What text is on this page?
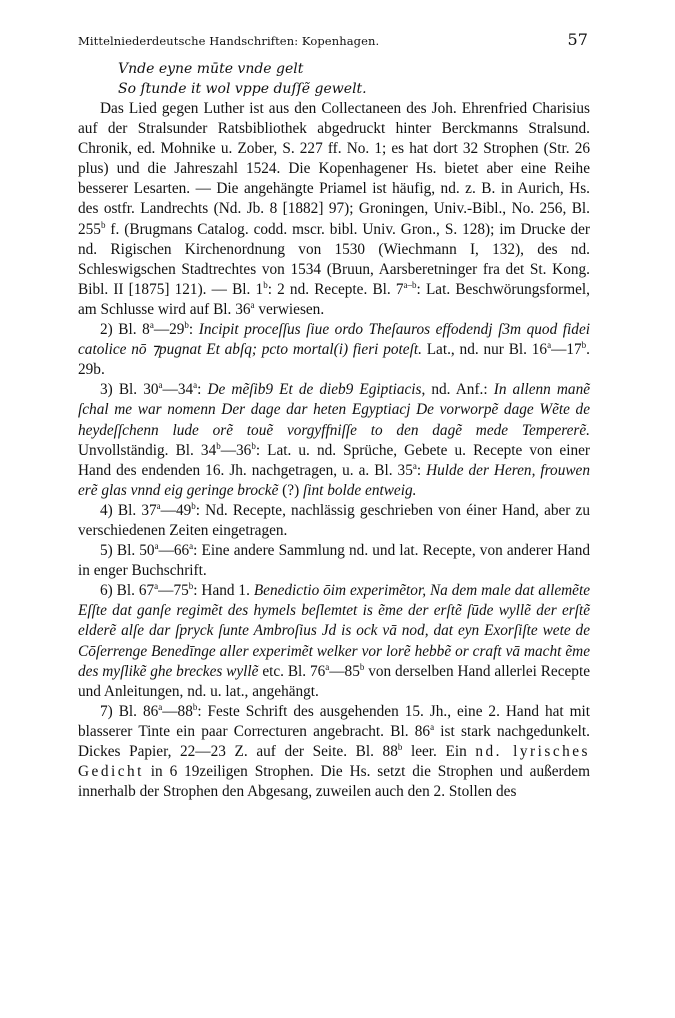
Mittelniederdeutsche Handschriften: Kopenhagen.	57
Vnde eyne mūte vnde gelt
So ſtunde it wol vppe duſſẽ gewelt.

Das Lied gegen Luther ist aus den Collectaneen des Joh. Ehrenfried Charisius auf der Stralsunder Ratsbibliothek abgedruckt hinter Berckmanns Stralsund. Chronik, ed. Mohnike u. Zober, S. 227 ff. No. 1; es hat dort 32 Strophen (Str. 26 plus) und die Jahreszahl 1524. Die Kopenhagener Hs. bietet aber eine Reihe besserer Lesarten. — Die angehängte Priamel ist häufig, nd. z. B. in Aurich, Hs. des ostfr. Landrechts (Nd. Jb. 8 [1882] 97); Groningen, Univ.-Bibl., No. 256, Bl. 255$^b$ f. (Brugmans Catalog. codd. mscr. bibl. Univ. Gron., S. 128); im Drucke der nd. Rigischen Kirchenordnung von 1530 (Wiechmann I, 132), des nd. Schleswigschen Stadtrechtes von 1534 (Bruun, Aarsberetninger fra det St. Kong. Bibl. II [1875] 121). — Bl. 1$^b$: 2 nd. Recepte. Bl. 7$^{a-b}$: Lat. Beschwörungsformel, am Schlusse wird auf Bl. 36$^a$ verwiesen.

2) Bl. 8$^a$—29$^b$: Incipit proceſſus ſiue ordo Theſauros effodendj ſ3m quod fidei catolice nō ⁊pugnat Et abſq; pcto mortal(i) fieri poteſt. Lat., nd. nur Bl. 16$^a$—17$^b$. 29b.

3) Bl. 30$^a$—34$^a$: De mẽſib9 Et de dieb9 Egiptiacis, nd. Anf.: In allenn manẽ ſchal me war nomenn Der dage dar heten Egyptiacj De vorworpẽ dage Wẽte de heydeſſchenn lude orẽ touẽ vorgyffniſſe to den dagẽ mede Tempererẽ. Unvollständig. Bl. 34$^b$—36$^b$: Lat. u. nd. Sprüche, Gebete u. Recepte von einer Hand des endenden 16. Jh. nachgetragen, u. a. Bl. 35$^a$: Hulde der Heren, frouwen erẽ glas vnnd eig geringe brockẽ (?) ſint bolde entweig.

4) Bl. 37$^a$—49$^b$: Nd. Recepte, nachlässig geschrieben von éiner Hand, aber zu verschiedenen Zeiten eingetragen.

5) Bl. 50$^a$—66$^a$: Eine andere Sammlung nd. und lat. Recepte, von anderer Hand in enger Buchschrift.

6) Bl. 67$^a$—75$^b$: Hand 1. Benedictio ōim experimẽtor, Na dem male dat allemẽte Eſſte dat ganſe regimẽt des hymels beſlemtet is ẽme der erſtẽ ſūde wyllẽ der erſtẽ elderẽ alſe dar ſpryck ſunte Ambroſius Jd is ock vā nod, dat eyn Exorſiſte wete de Cōſerrenge Benedīnge aller experimẽt welker vor lorẽ hebbẽ or craft vā macht ẽme des myſlikẽ ghe breckes wyllẽ etc. Bl. 76$^a$—85$^b$ von derselben Hand allerlei Recepte und Anleitungen, nd. u. lat., angehängt.

7) Bl. 86$^a$—88$^b$: Feste Schrift des ausgehenden 15. Jh., eine 2. Hand hat mit blasserer Tinte ein paar Correcturen angebracht. Bl. 86$^a$ ist stark nachgedunkelt. Dickes Papier, 22—23 Z. auf der Seite. Bl. 88$^b$ leer. Ein nd. lyrisches Gedicht in 6 19zeiligen Strophen. Die Hs. setzt die Strophen und außerdem innerhalb der Strophen den Abgesang, zuweilen auch den 2. Stollen des
